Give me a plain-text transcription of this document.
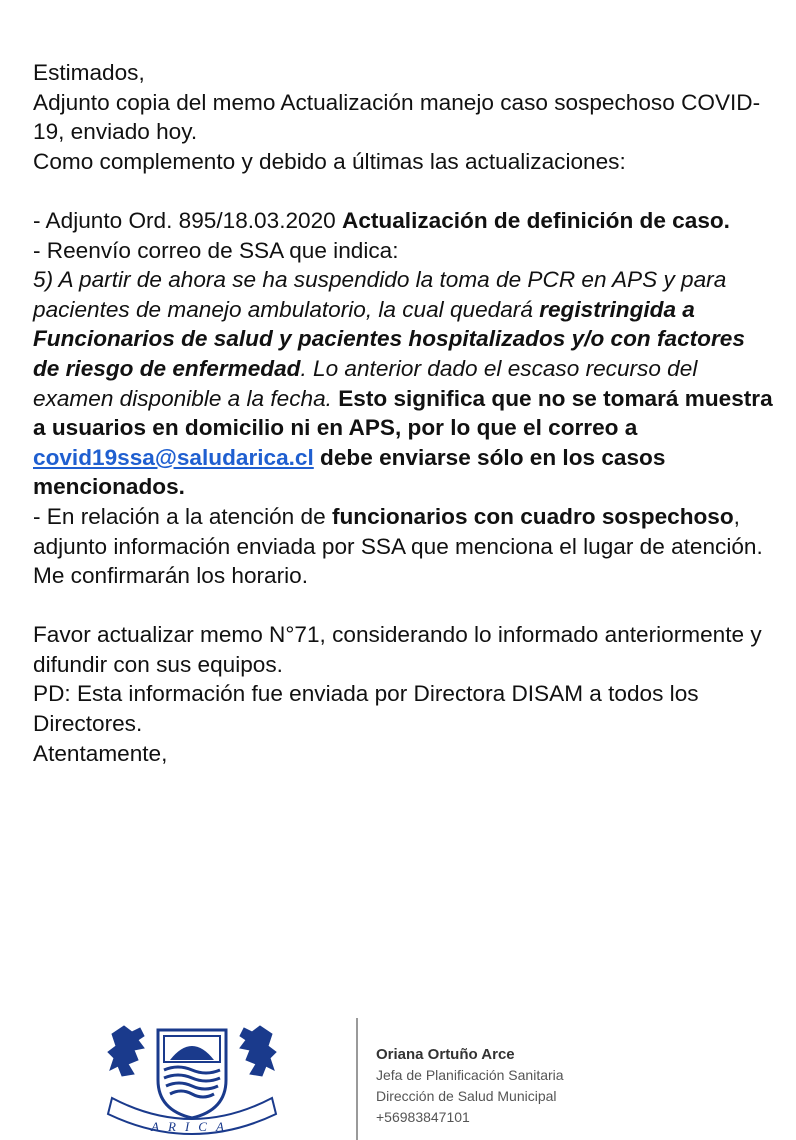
Estimados,

Adjunto copia del memo Actualización manejo caso sospechoso COVID-19, enviado hoy.

Como complemento y debido a últimas las actualizaciones:

- Adjunto Ord. 895/18.03.2020 Actualización de definición de caso.

- Reenvío correo de SSA que indica:

5) A partir de ahora se ha suspendido la toma de PCR en APS y para pacientes de manejo ambulatorio, la cual quedará registringida a Funcionarios de salud y pacientes hospitalizados y/o con factores de riesgo de enfermedad. Lo anterior dado el escaso recurso del examen disponible a la fecha. Esto significa que no se tomará muestra a usuarios en domicilio ni en APS, por lo que el correo a covid19ssa@saludarica.cl debe enviarse sólo en los casos mencionados.

- En relación a la atención de funcionarios con cuadro sospechoso, adjunto información enviada por SSA que menciona el lugar de atención. Me confirmarán los horario.

Favor actualizar memo N°71, considerando lo informado anteriormente y difundir con sus equipos.

PD: Esta información fue enviada por Directora DISAM a todos los Directores.

Atentamente,

ARICA
Oriana Ortuño Arce
Jefa de Planificación Sanitaria
Dirección de Salud Municipal
+56983847101
